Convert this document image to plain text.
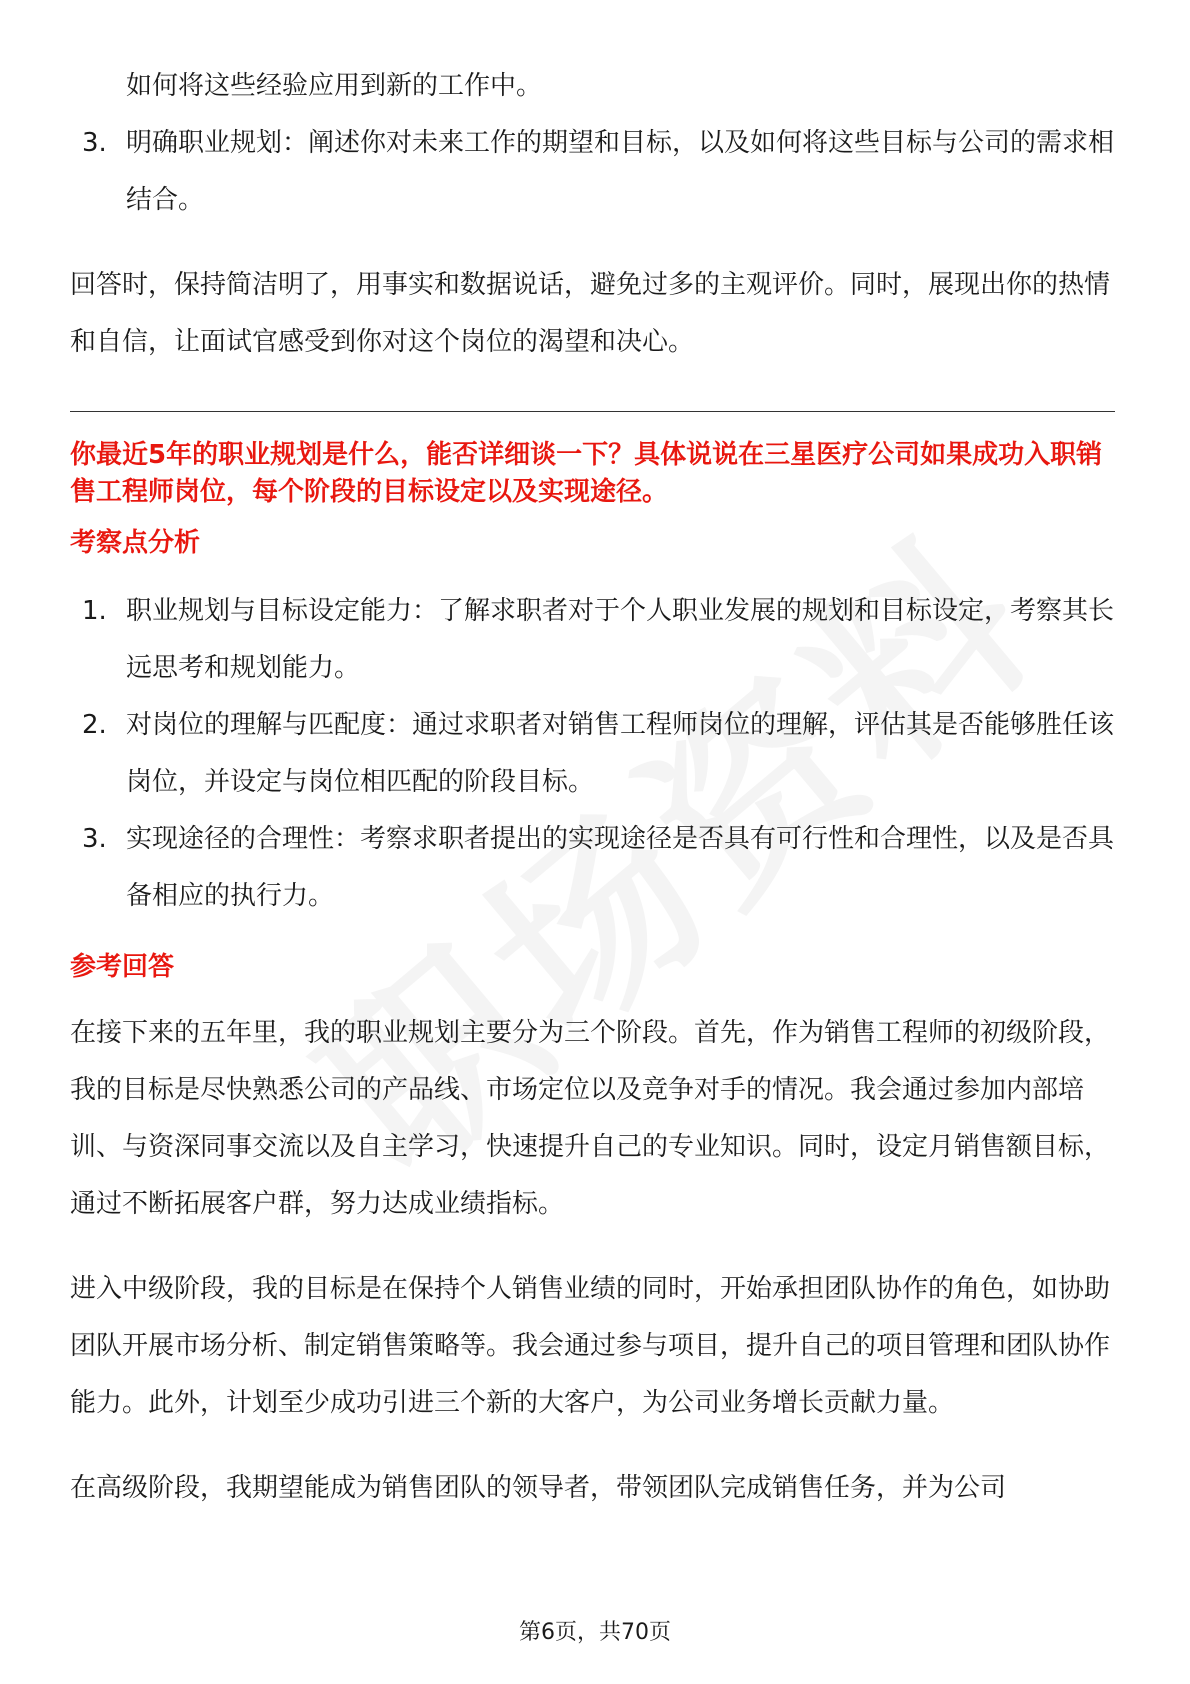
如何将这些经验应用到新的工作中。

3. 明确职业规划：阐述你对未来工作的期望和目标，以及如何将这些目标与公司的需求相结合。

回答时，保持简洁明了，用事实和数据说话，避免过多的主观评价。同时，展现出你的热情和自信，让面试官感受到你对这个岗位的渴望和决心。

你最近5年的职业规划是什么，能否详细谈一下？具体说说在三星医疗公司如果成功入职销售工程师岗位，每个阶段的目标设定以及实现途径。

考察点分析

1. 职业规划与目标设定能力：了解求职者对于个人职业发展的规划和目标设定，考察其长远思考和规划能力。
2. 对岗位的理解与匹配度：通过求职者对销售工程师岗位的理解，评估其是否能够胜任该岗位，并设定与岗位相匹配的阶段目标。
3. 实现途径的合理性：考察求职者提出的实现途径是否具有可行性和合理性，以及是否具备相应的执行力。

参考回答

在接下来的五年里，我的职业规划主要分为三个阶段。首先，作为销售工程师的初级阶段，我的目标是尽快熟悉公司的产品线、市场定位以及竞争对手的情况。我会通过参加内部培训、与资深同事交流以及自主学习，快速提升自己的专业知识。同时，设定月销售额目标，通过不断拓展客户群，努力达成业绩指标。

进入中级阶段，我的目标是在保持个人销售业绩的同时，开始承担团队协作的角色，如协助团队开展市场分析、制定销售策略等。我会通过参与项目，提升自己的项目管理和团队协作能力。此外，计划至少成功引进三个新的大客户，为公司业务增长贡献力量。

在高级阶段，我期望能成为销售团队的领导者，带领团队完成销售任务，并为公司

第6页，共70页
